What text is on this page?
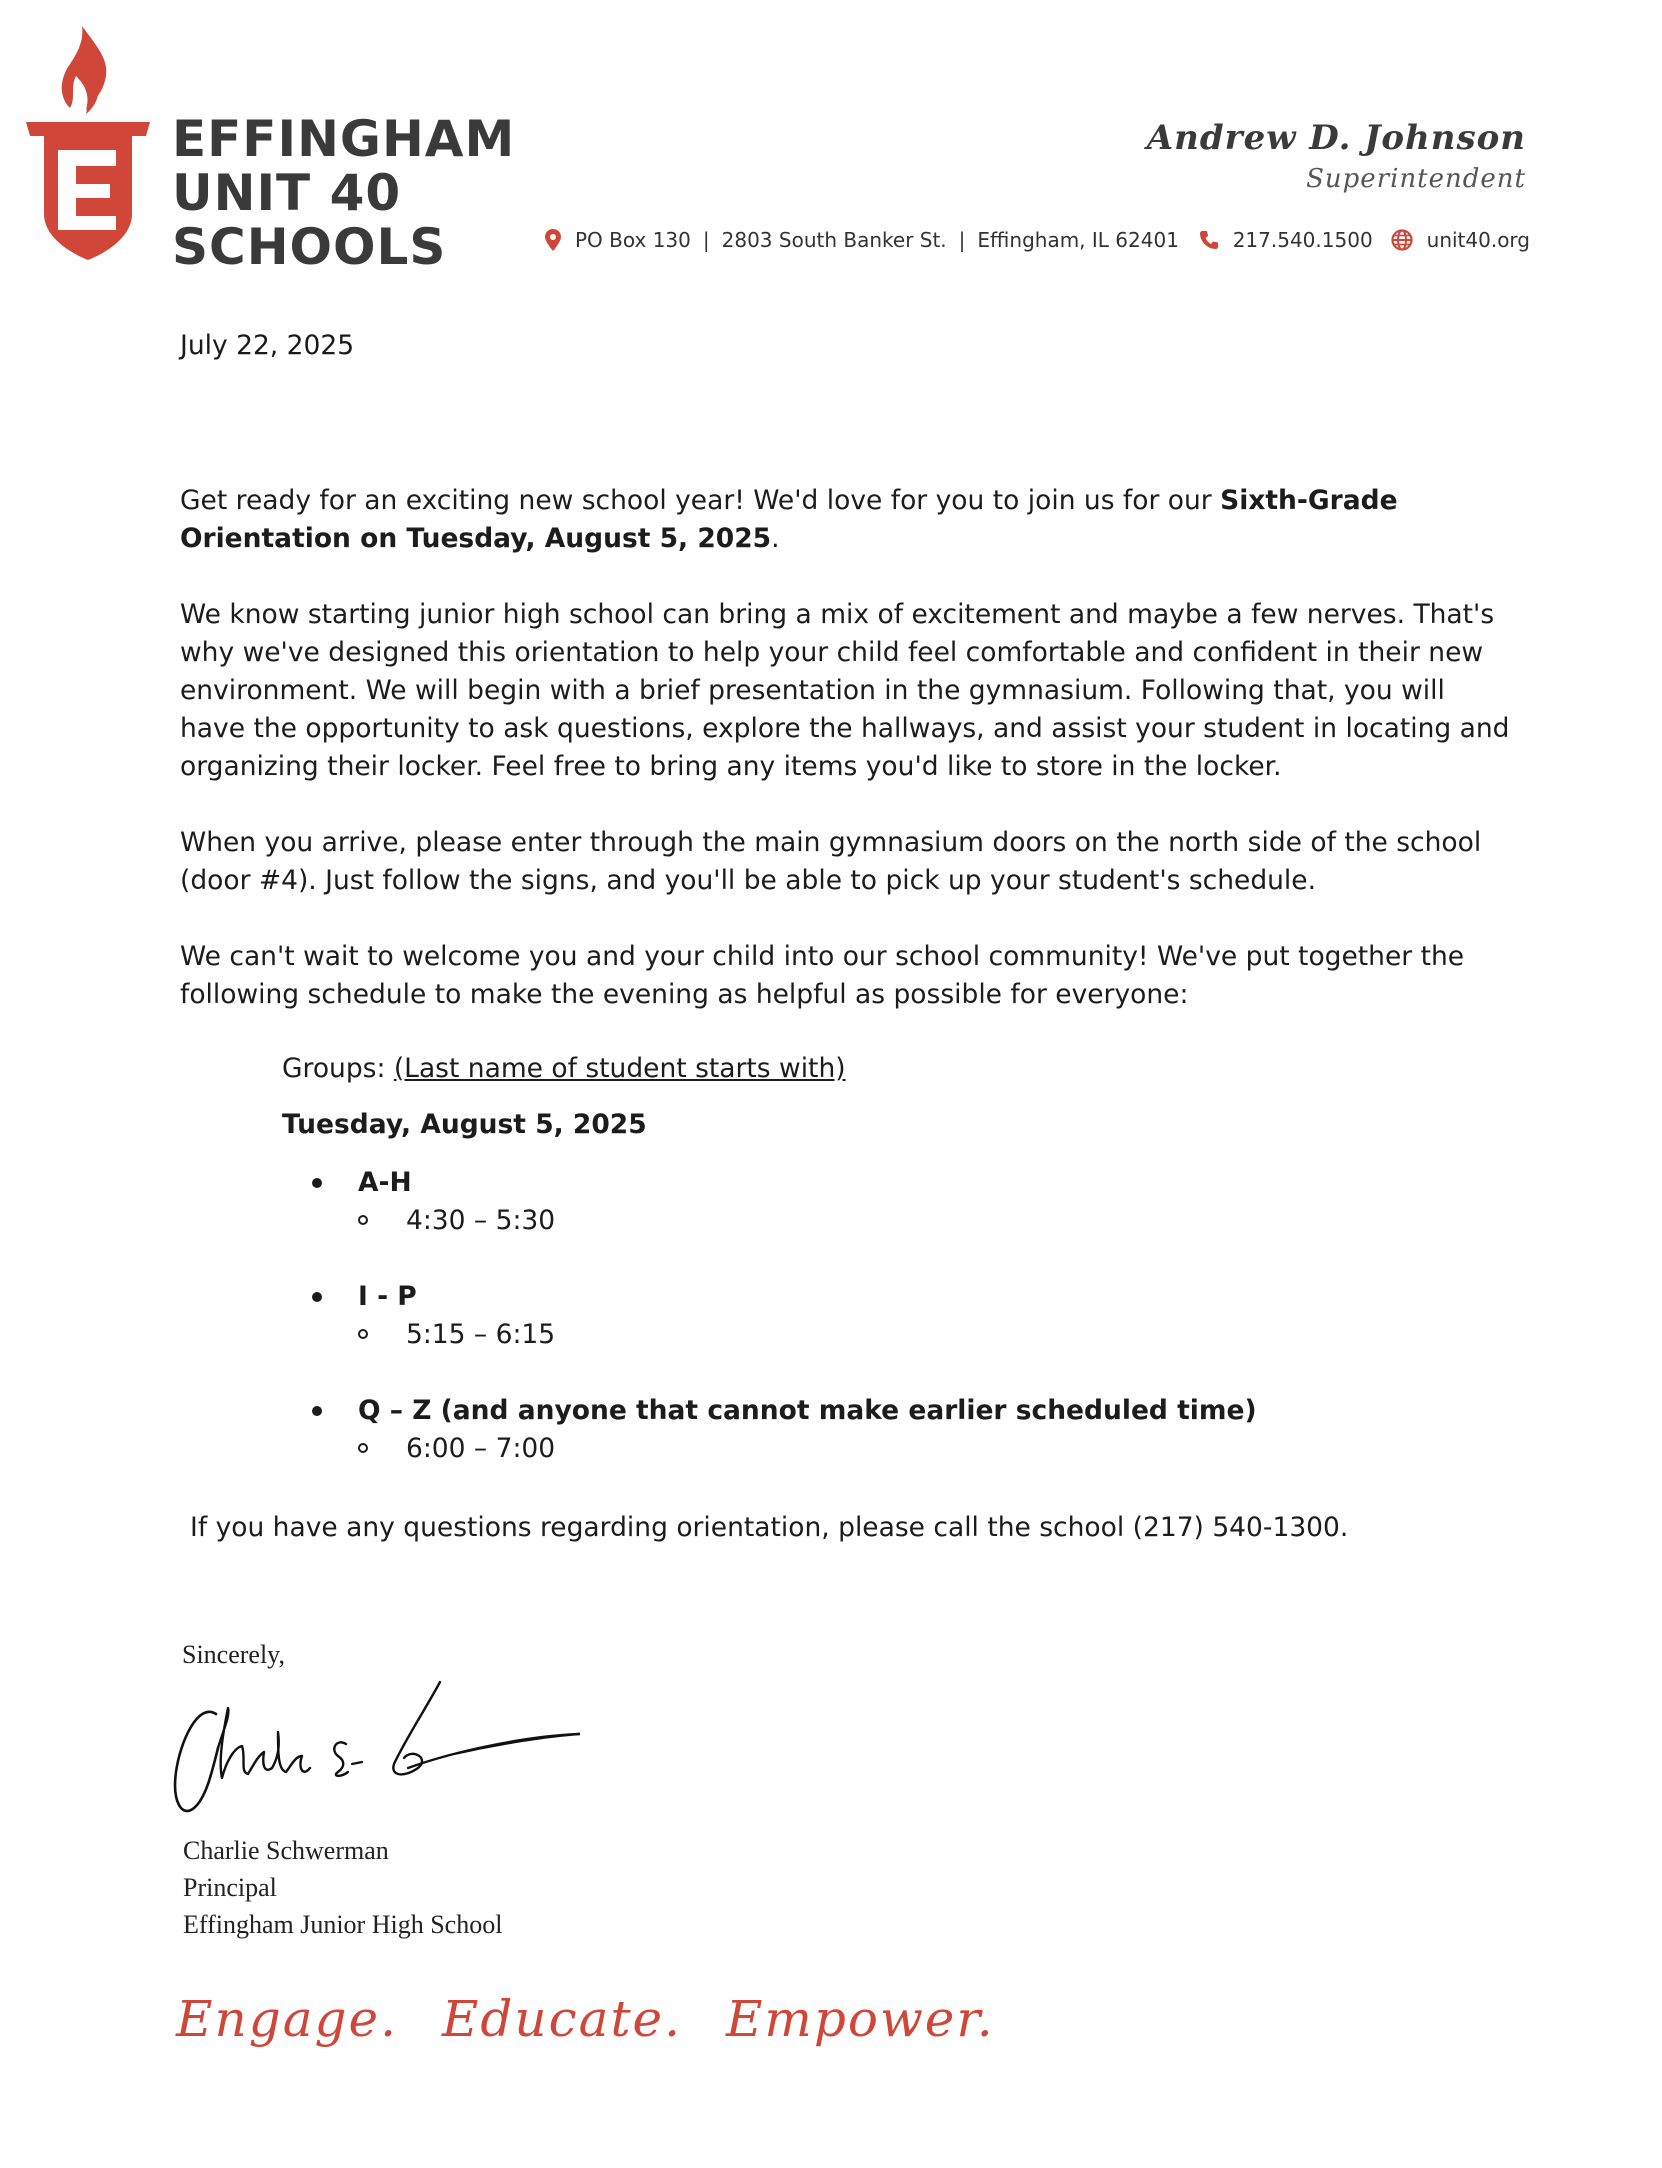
EFFINGHAM
UNIT 40
SCHOOLS
Andrew D. Johnson
Superintendent
PO Box 130 | 2803 South Banker St. | Effingham, IL 62401	217.540.1500	unit40.org
July 22, 2025

Get ready for an exciting new school year! We'd love for you to join us for our Sixth-Grade Orientation on Tuesday, August 5, 2025.

We know starting junior high school can bring a mix of excitement and maybe a few nerves. That's why we've designed this orientation to help your child feel comfortable and confident in their new environment. We will begin with a brief presentation in the gymnasium. Following that, you will have the opportunity to ask questions, explore the hallways, and assist your student in locating and organizing their locker. Feel free to bring any items you'd like to store in the locker.

When you arrive, please enter through the main gymnasium doors on the north side of the school (door #4). Just follow the signs, and you'll be able to pick up your student's schedule.

We can't wait to welcome you and your child into our school community! We've put together the following schedule to make the evening as helpful as possible for everyone:

Groups: (Last name of student starts with)
Tuesday, August 5, 2025
A-H
4:30 – 5:30
I - P
5:15 – 6:15
Q – Z (and anyone that cannot make earlier scheduled time)
6:00 – 7:00
If you have any questions regarding orientation, please call the school (217) 540-1300.
Sincerely,
Charlie Schwerman
Principal
Effingham Junior High School
Engage. Educate. Empower.
